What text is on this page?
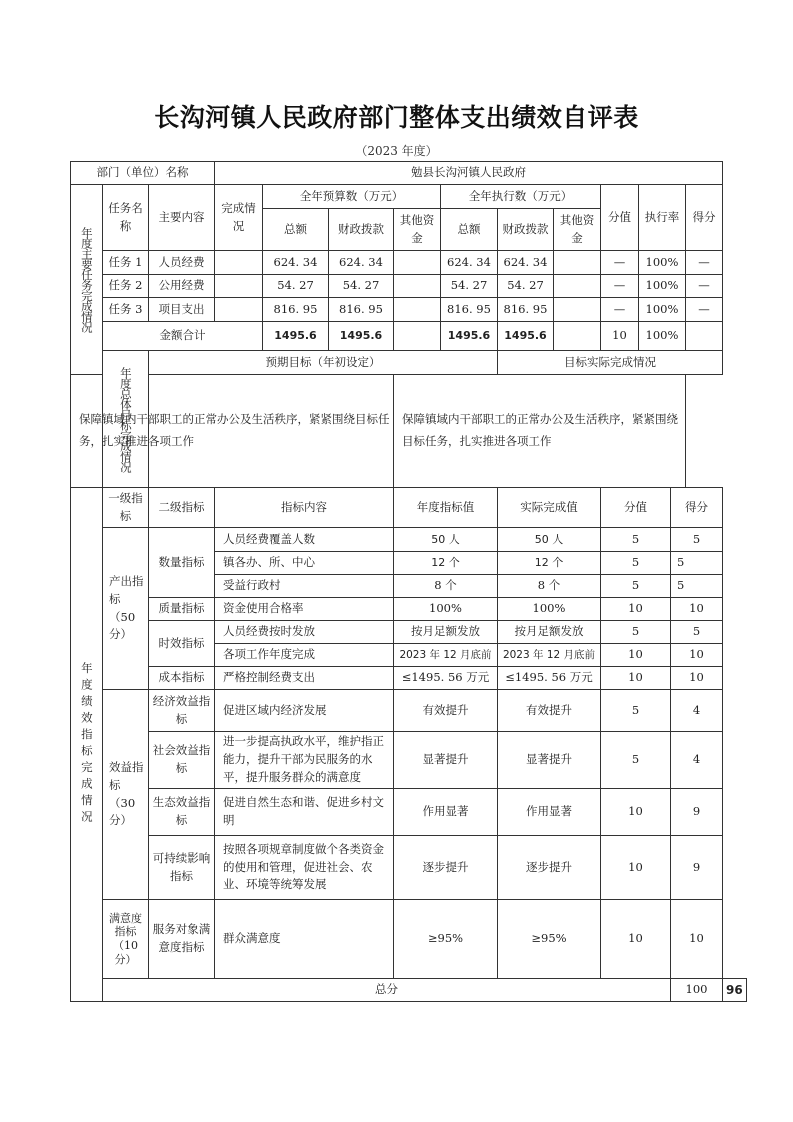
长沟河镇人民政府部门整体支出绩效自评表
（2023 年度）
部门（单位）名称			勉县长沟河镇人民政府									
年度主要任务完成情况	任务名称	主要内容	完成情况	全年预算数（万元）			全年执行数（万元）			分值	执行率	得分
				总额	财政拨款	其他资金	总额	财政拨款	其他资金			
	任务 1	人员经费		624. 34	624. 34		624. 34	624. 34		—	100%	—
	任务 2	公用经费		54. 27	54. 27		54. 27	54. 27		—	100%	—
	任务 3	项目支出		816. 95	816. 95		816. 95	816. 95		—	100%	—
	金额合计			1495.6	1495.6		1495.6	1495.6		10	100%	
	年度总体目标完成情况	预期目标（年初设定）						目标实际完成情况				
保障镇域内干部职工的正常办公及生活秩序，紧紧围绕目标任务，扎实推进各项工作						保障镇域内干部职工的正常办公及生活秩序，紧紧围绕目标任务，扎实推进各项工作						
年度绩效指标完成情况	一级指标	二级指标	指标内容	年度指标值	实际完成值	分值	得分	
	产出指标（50分）	数量指标	人员经费覆盖人数	50 人	50 人	5	5	
			镇各办、所、中心	12 个	12 个	5	5	
			受益行政村	8 个	8 个	5	5	
		质量指标	资金使用合格率	100%	100%	10	10	
		时效指标	人员经费按时发放	按月足额发放	按月足额发放	5	5	
			各项工作年度完成	2023 年 12 月底前	2023 年 12 月底前	10	10	
		成本指标	严格控制经费支出	≤1495. 56 万元	≤1495. 56 万元	10	10	
	效益指标（30分）	经济效益指标	促进区域内经济发展	有效提升	有效提升	5	4	
		社会效益指标	进一步提高执政水平，维护指正能力，提升干部为民服务的水平，提升服务群众的满意度	显著提升	显著提升	5	4	
		生态效益指标	促进自然生态和谐、促进乡村文明	作用显著	作用显著	10	9	
		可持续影响指标	按照各项规章制度做个各类资金的使用和管理，促进社会、农业、环境等统筹发展	逐步提升	逐步提升	10	9	
	满意度指标（10分）	服务对象满意度指标	群众满意度	≥95%	≥95%	10	10	
	总分						100	96
